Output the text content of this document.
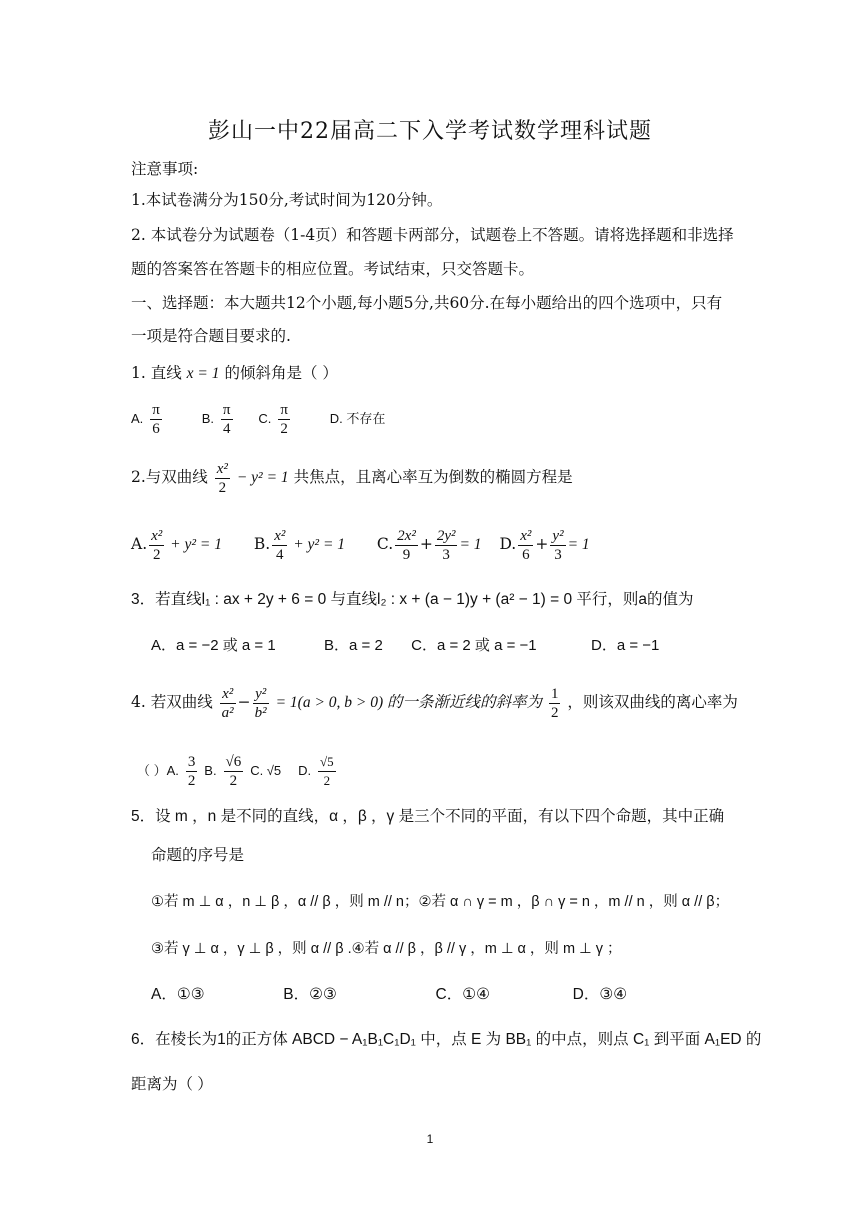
彭山一中22届高二下入学考试数学理科试题
注意事项:
1.本试卷满分为150分,考试时间为120分钟。
2. 本试卷分为试题卷（1-4页）和答题卡两部分，试题卷上不答题。请将选择题和非选择
题的答案答在答题卡的相应位置。考试结束，只交答题卡。
一、选择题：本大题共12个小题,每小题5分,共60分.在每小题给出的四个选项中，只有
一项是符合题目要求的.
1. 直线 x = 1 的倾斜角是（ ）
A. $\frac{\pi}{6}$	B. $\frac{\pi}{4} C$. $\frac{\pi}{2}$	D. 不存在
2.与双曲线 $\frac{\text{x²}}{2} - y^2 = 1$ 共焦点，且离心率互为倒数的椭圆方程是
A. $\frac{\text{x²}}{2} + y^2 = 1$ B. $\frac{\text{x²}}{4} + y^2 = 1$ C. $\frac{\text{2x²}}{9} + \frac{\text{2y²}}{3} = 1$ D. $\frac{\text{x²}}{6} + \frac{\text{y²}}{3} = 1$
3．若直线l₁ : ax + 2y + 6 = 0 与直线l₂ : x + (a − 1)y + (a² − 1) = 0 平行，则a的值为
A．a = −2 或 a = 1	B．a = 2 C．a = 2 或 a = −1	D．a = −1
4. 若双曲线 $\frac{\text{x²}}{\text{a²}} - \frac{\text{y²}}{\text{b²}} = 1(a > 0$, b > 0) 的一条渐近线的斜率为 $\frac{1}{2}$ ，则该双曲线的离心率为
（ ）A. $\frac{3}{2} B$. $\frac{√6}{2} C$. √5 D. $\frac{√5}{2}$
5．设 m ，n 是不同的直线，α ，β ，γ 是三个不同的平面，有以下四个命题，其中正确
命题的序号是
①若 m ⊥ α ，n ⊥ β ，α // β ，则 m // n；②若 α ∩ γ = m ，β ∩ γ = n ，m // n ，则 α // β；
③若 γ ⊥ α ，γ ⊥ β ，则 α // β .④若 α // β ，β // γ ，m ⊥ α ，则 m ⊥ γ ；
A．①③	B．②③	C．①④	D．③④
6．在棱长为1的正方体 ABCD − A₁B₁C₁D₁ 中，点 E 为 BB₁ 的中点，则点 C₁ 到平面 A₁ED 的
距离为（ ）
1
